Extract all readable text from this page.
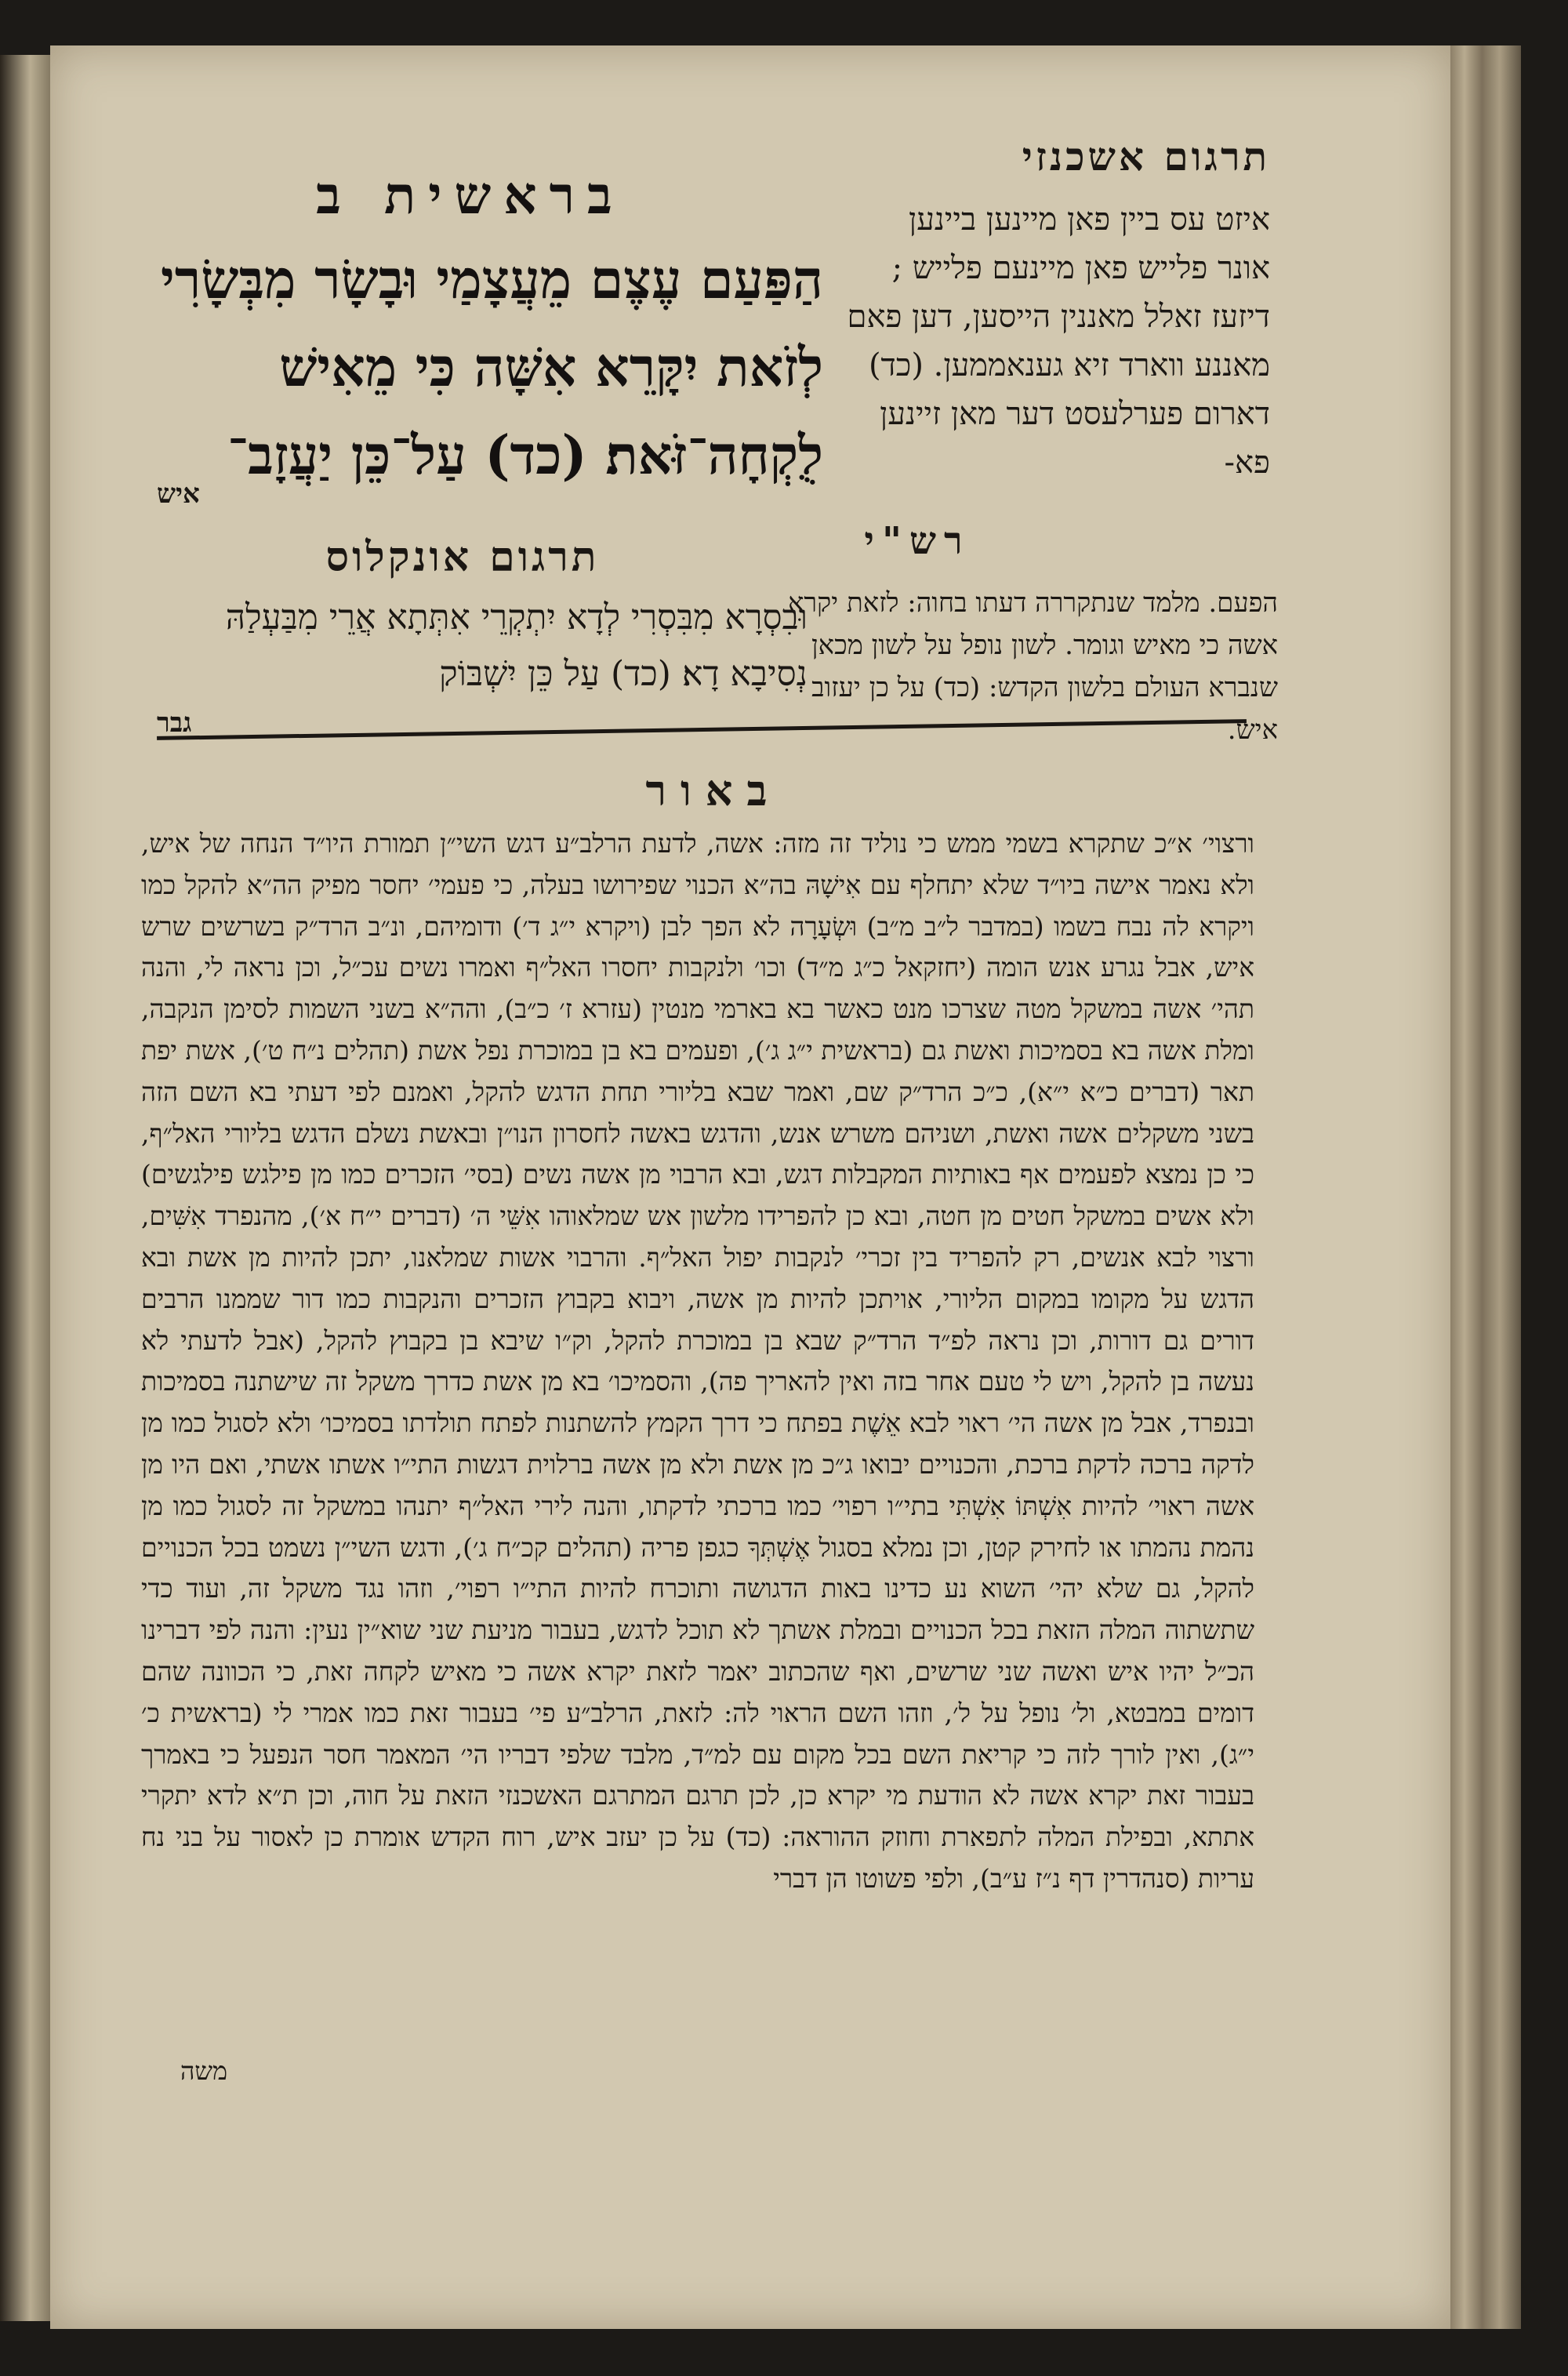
תרגום אשכנזי

איזט עס ביין פאן מיינען ביינען אונר פלייש פאן מיינעם פלייש ; דיזעז זאלל מאננין הייסען, דען פאם מאננע ווארד זיא גענאממען. (כד) דארום פערלעסט דער מאן זיינען פא-

בראשית ב

הַפַּעַם עֶצֶם מֵעֲצָמַי וּבָשָׂר מִבְּשָׂרִי לְזֹאת יִקָּרֵא אִשָּׁה כִּי מֵאִישׁ לֻקְחָה־זֹּאת׃ (כד) עַל־כֵּן יַעֲזָב־

איש
רש"י

הפעם. מלמד שנתקררה דעתו בחוה: לזאת יקרא אשה כי מאיש וגומר. לשון נופל על לשון מכאן שנברא העולם בלשון הקדש: (כד) על כן יעזוב איש.

תרגום אונקלוס

וּבִסְרָא מִבִּסְרִי לְדָא יִתְקְרֵי אִתְּתָא אֲרֵי מִבַּעְלַהּ נְסִיבָא דָא׃ (כד) עַל כֵּן יִשְׁבּוֹק

גבר
באור

ורצוי׳ א״כ שתקרא בשמי ממש כי נוליד זה מזה: אשה, לדעת הרלב״ע דגש השי״ן תמורת היו״ד הנחה של איש, ולא נאמר אישה ביו״ד שלא יתחלף עם אִישָׁהּ בה״א הכנוי שפירושו בעלה, כי פעמי׳ יחסר מפיק הה״א להקל כמו ויקרא לה נבח בשמו (במדבר ל״ב מ״ב) וּשְׂעָרָה לא הפך לבן (ויקרא י״ג ד׳) ודומיהם, ונ״ב הרד״ק בשרשים שרש איש, אבל נגרע אנש הומה (יחזקאל כ״ג מ״ד) וכו׳ ולנקבות יחסרו האל״ף ואמרו נשים עכ״ל, וכן נראה לי, והנה תהי׳ אשה במשקל מטה שצרכו מנט כאשר בא בארמי מנטין (עזרא ז׳ כ״ב), והה״א בשני השמות לסימן הנקבה, ומלת אשה בא בסמיכות ואשת גם (בראשית י״ג ג׳), ופעמים בא בן במוכרת נפל אשת (תהלים נ״ח ט׳), אשת יפת תאר (דברים כ״א י״א), כ״כ הרד״ק שם, ואמר שבא בליורי תחת הדגש להקל, ואמנם לפי דעתי בא השם הזה בשני משקלים אשה ואשת, ושניהם משרש אנש, והדגש באשה לחסרון הנו״ן ובאשת נשלם הדגש בליורי האל״ף, כי כן נמצא לפעמים אף באותיות המקבלות דגש, ובא הרבוי מן אשה נשים (בסי׳ הזכרים כמו מן פילגש פילגשים) ולא אשים במשקל חטים מן חטה, ובא כן להפרידו מלשון אש שמלאוהו אִשֵּׁי ה׳ (דברים י״ח א׳), מהנפרד אִשִּׁים, ורצוי לבא אנשים, רק להפריד בין זכרי׳ לנקבות יפול האל״ף. והרבוי אשות שמלאנו, יתכן להיות מן אשת ובא הדגש על מקומו במקום הליורי, אויתכן להיות מן אשה, ויבוא בקבוץ הזכרים והנקבות כמו דור שממנו הרבים דורים גם דורות, וכן נראה לפ״ד הרד״ק שבא בן במוכרת להקל, וק״ו שיבא בן בקבוץ להקל, (אבל לדעתי לא נעשה בן להקל, ויש לי טעם אחר בזה ואין להאריך פה), והסמיכו׳ בא מן אשת כדרך משקל זה שישתנה בסמיכות ובנפרד, אבל מן אשה הי׳ ראוי לבא אֵשֶׁת בפתח כי דרך הקמץ להשתנות לפתח תולדתו בסמיכו׳ ולא לסגול כמו מן לדקה ברכה לדקת ברכת, והכנויים יבואו ג״כ מן אשת ולא מן אשה ברלוית דגשות התי״ו אשתו אשתי, ואם היו מן אשה ראוי׳ להיות אִשְׁתּוֹ אִשְׁתִּי בתי״ו רפוי׳ כמו ברכתי לדקתו, והנה לירי האל״ף יתנהו במשקל זה לסגול כמו מן נהמת נהמתו או לחירק קטן, וכן נמלא בסגול אֶשְׁתְּךָ כגפן פריה (תהלים קכ״ח ג׳), ודגש השי״ן נשמט בכל הכנויים להקל, גם שלא יהי׳ השוא נע כדינו באות הדגושה ותוכרח להיות התי״ו רפוי׳, וזהו נגד משקל זה, ועוד כדי שתשתוה המלה הזאת בכל הכנויים ובמלת אשתך לא תוכל לדגש, בעבור מניעת שני שוא״ין נעין: והנה לפי דברינו הכ״ל יהיו איש ואשה שני שרשים, ואף שהכתוב יאמר לזאת יקרא אשה כי מאיש לקחה זאת, כי הכוונה שהם דומים במבטא, ול׳ נופל על ל׳, וזהו השם הראוי לה: לזאת, הרלב״ע פי׳ בעבור זאת כמו אמרי לי (בראשית כ׳ י״ג), ואין לורך לזה כי קריאת השם בכל מקום עם למ״ד, מלבד שלפי דבריו הי׳ המאמר חסר הנפעל כי באמרך בעבור זאת יקרא אשה לא הודעת מי יקרא כן, לכן תרגם המתרגם האשכנזי הזאת על חוה, וכן ת״א לדא יתקרי אתתא, ובפילת המלה לתפארת וחוזק ההוראה: (כד) על כן יעזב איש, רוח הקדש אומרת כן לאסור על בני נח עריות (סנהדרין דף נ״ז ע״ב), ולפי פשוטו הן דברי

משה
